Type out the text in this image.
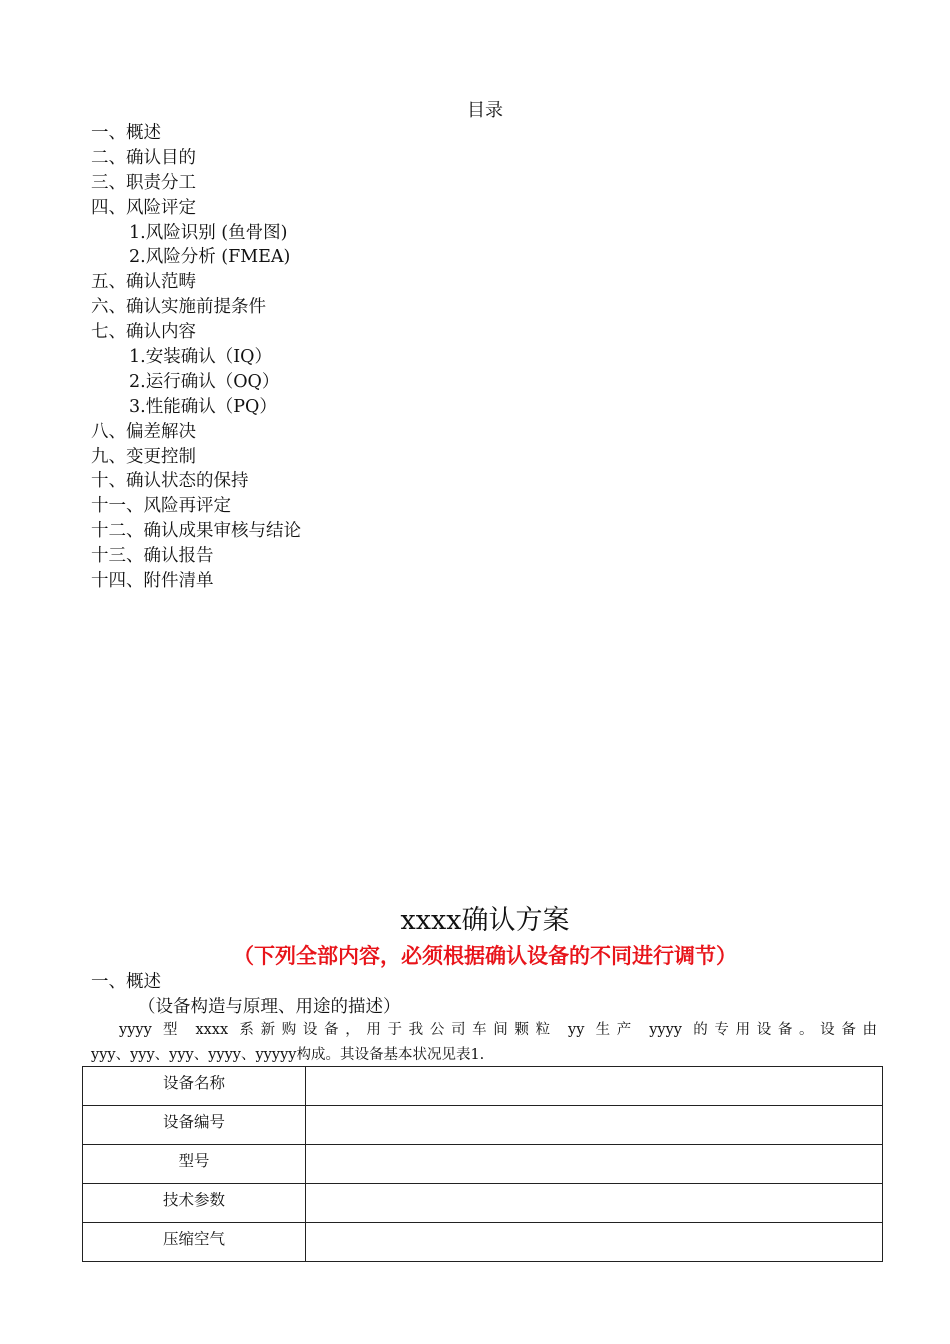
目录
一、概述
二、确认目的
三、职责分工
四、风险评定
1.风险识别 (鱼骨图)
2.风险分析 (FMEA)
五、确认范畴
六、确认实施前提条件
七、确认内容
1.安装确认（IQ）
2.运行确认（OQ）
3.性能确认（PQ）
八、偏差解决
九、变更控制
十、确认状态的保持
十一、风险再评定
十二、确认成果审核与结论
十三、确认报告
十四、附件清单
xxxx确认方案
（下列全部内容，必须根据确认设备的不同进行调节）
一、概述
（设备构造与原理、用途的描述）
yyyy 型 xxxx 系新购设备，用于我公司车间颗粒 yy 生产 yyyy 的专用设备。设备由
yyy、yyy、yyy、yyyy、yyyyy构成。其设备基本状况见表1.
设备名称	
设备编号	
型号	
技术参数	
压缩空气	
